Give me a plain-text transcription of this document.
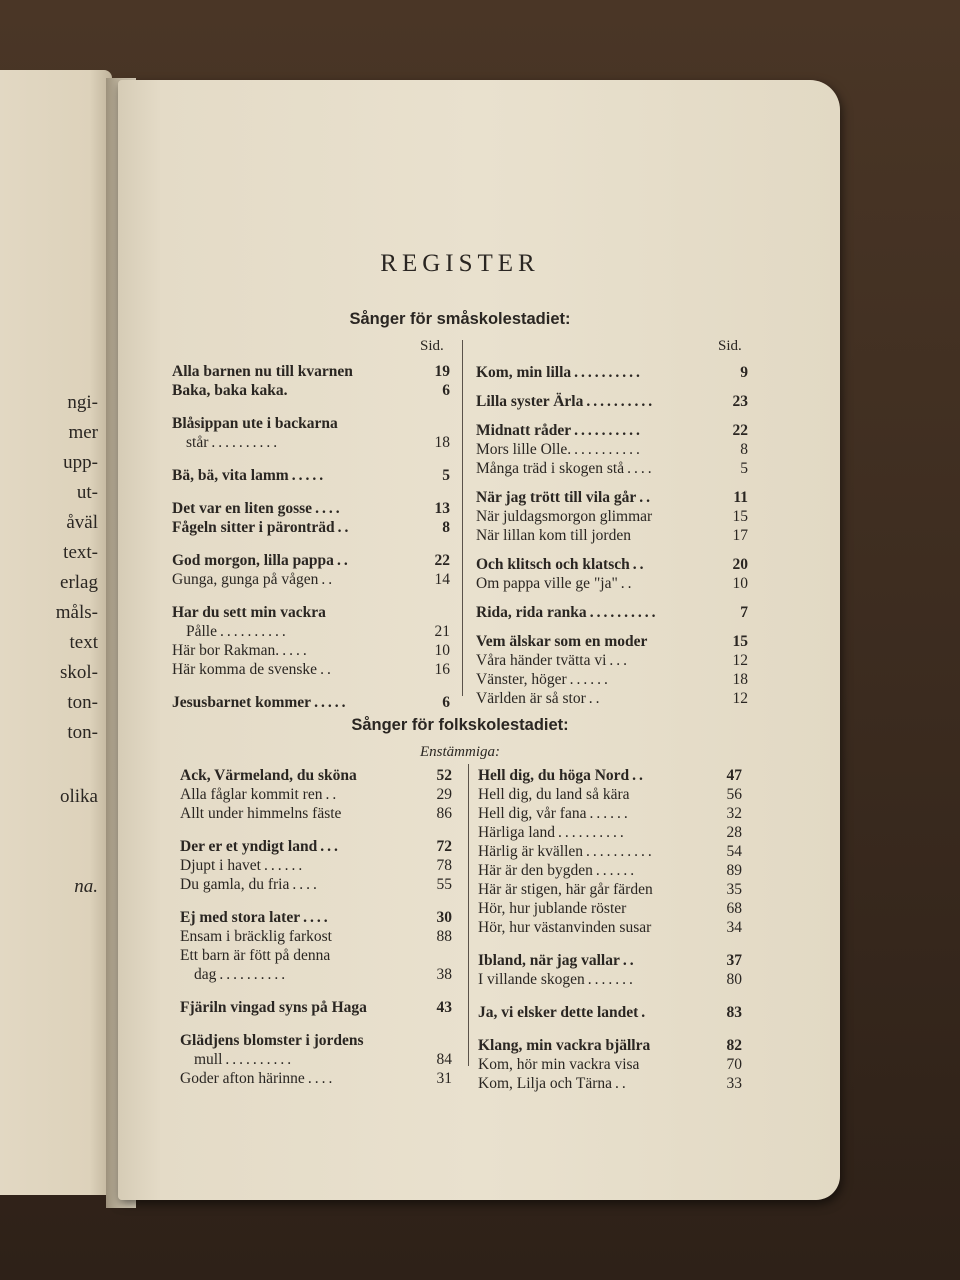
ngi-
mer
upp-
ut-
åväl
text-
erlag
måls-
text
skol-
ton-
ton-
olika
na.
REGISTER
Sånger för småskolestadiet:
Sid.	Sid.
Alla barnen nu till kvarnen	19
Baka, baka kaka.	6
Blåsippan ute i backarna
står ..........	18
Bä, bä, vita lamm .....	5
Det var en liten gosse ....	13
Fågeln sitter i päronträd ..	8
God morgon, lilla pappa ..	22
Gunga, gunga på vågen ..	14
Har du sett min vackra
Pålle ..........	21
Här bor Rakman. ....	10
Här komma de svenske ..	16
Jesusbarnet kommer .....	6
Kom, min lilla ..........	9
Lilla syster Ärla ..........	23
Midnatt råder ..........	22
Mors lille Olle. ..........	8
Många träd i skogen stå ....	5
När jag trött till vila går ..	11
När juldagsmorgon glimmar	15
När lillan kom till jorden	17
Och klitsch och klatsch ..	20
Om pappa ville ge "ja" ..	10
Rida, rida ranka ..........	7
Vem älskar som en moder	15
Våra händer tvätta vi ...	12
Vänster, höger ......	18
Världen är så stor ..	12
Sånger för folkskolestadiet:
Enstämmiga:
Ack, Värmeland, du sköna	52
Alla fåglar kommit ren ..	29
Allt under himmelns fäste	86
Der er et yndigt land ...	72
Djupt i havet ......	78
Du gamla, du fria ....	55
Ej med stora later ....	30
Ensam i bräcklig farkost	88
Ett barn är fött på denna
dag ..........	38
Fjäriln vingad syns på Haga	43
Glädjens blomster i jordens
mull ..........	84
Goder afton härinne ....	31
Hell dig, du höga Nord ..	47
Hell dig, du land så kära	56
Hell dig, vår fana ......	32
Härliga land ..........	28
Härlig är kvällen ..........	54
Här är den bygden ......	89
Här är stigen, här går färden	35
Hör, hur jublande röster	68
Hör, hur västanvinden susar	34
Ibland, när jag vallar ..	37
I villande skogen .......	80
Ja, vi elsker dette landet .	83
Klang, min vackra bjällra	82
Kom, hör min vackra visa	70
Kom, Lilja och Tärna ..	33
